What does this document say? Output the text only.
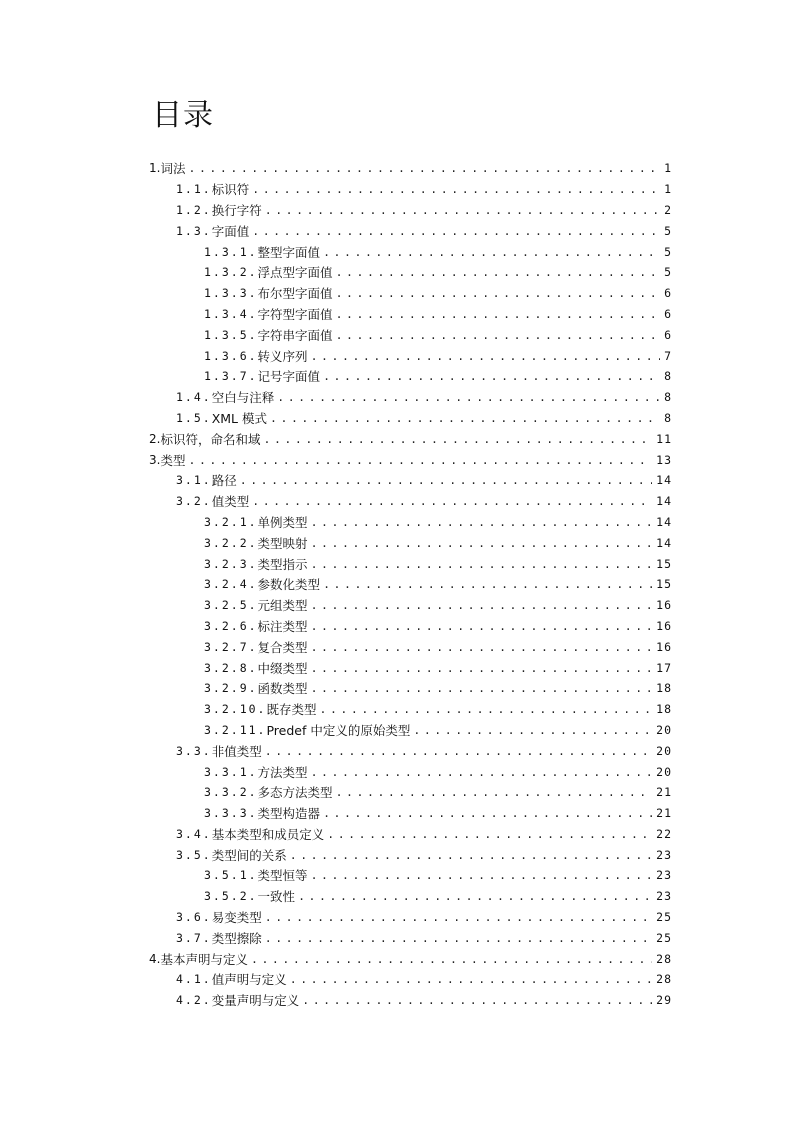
目录
1. 词法 .....	1
1.1. 标识符 .....	1
1.2. 换行字符 .....	2
1.3. 字面值 .....	5
1.3.1. 整型字面值 .....	5
1.3.2. 浮点型字面值 .....	5
1.3.3. 布尔型字面值 .....	6
1.3.4. 字符型字面值 .....	6
1.3.5. 字符串字面值 .....	6
1.3.6. 转义序列 .....	7
1.3.7. 记号字面值 .....	8
1.4. 空白与注释 .....	8
1.5. XML 模式 .....	8
2. 标识符，命名和域 .....	11
3. 类型 .....	13
3.1. 路径 .....	14
3.2. 值类型 .....	14
3.2.1. 单例类型 .....	14
3.2.2. 类型映射 .....	14
3.2.3. 类型指示 .....	15
3.2.4. 参数化类型 .....	15
3.2.5. 元组类型 .....	16
3.2.6. 标注类型 .....	16
3.2.7. 复合类型 .....	16
3.2.8. 中缀类型 .....	17
3.2.9. 函数类型 .....	18
3.2.10. 既存类型 .....	18
3.2.11. Predef 中定义的原始类型 .....	20
3.3. 非值类型 .....	20
3.3.1. 方法类型 .....	20
3.3.2. 多态方法类型 .....	21
3.3.3. 类型构造器 .....	21
3.4. 基本类型和成员定义 .....	22
3.5. 类型间的关系 .....	23
3.5.1. 类型恒等 .....	23
3.5.2. 一致性 .....	23
3.6. 易变类型 .....	25
3.7. 类型擦除 .....	25
4. 基本声明与定义 .....	28
4.1. 值声明与定义 .....	28
4.2. 变量声明与定义 .....	29
